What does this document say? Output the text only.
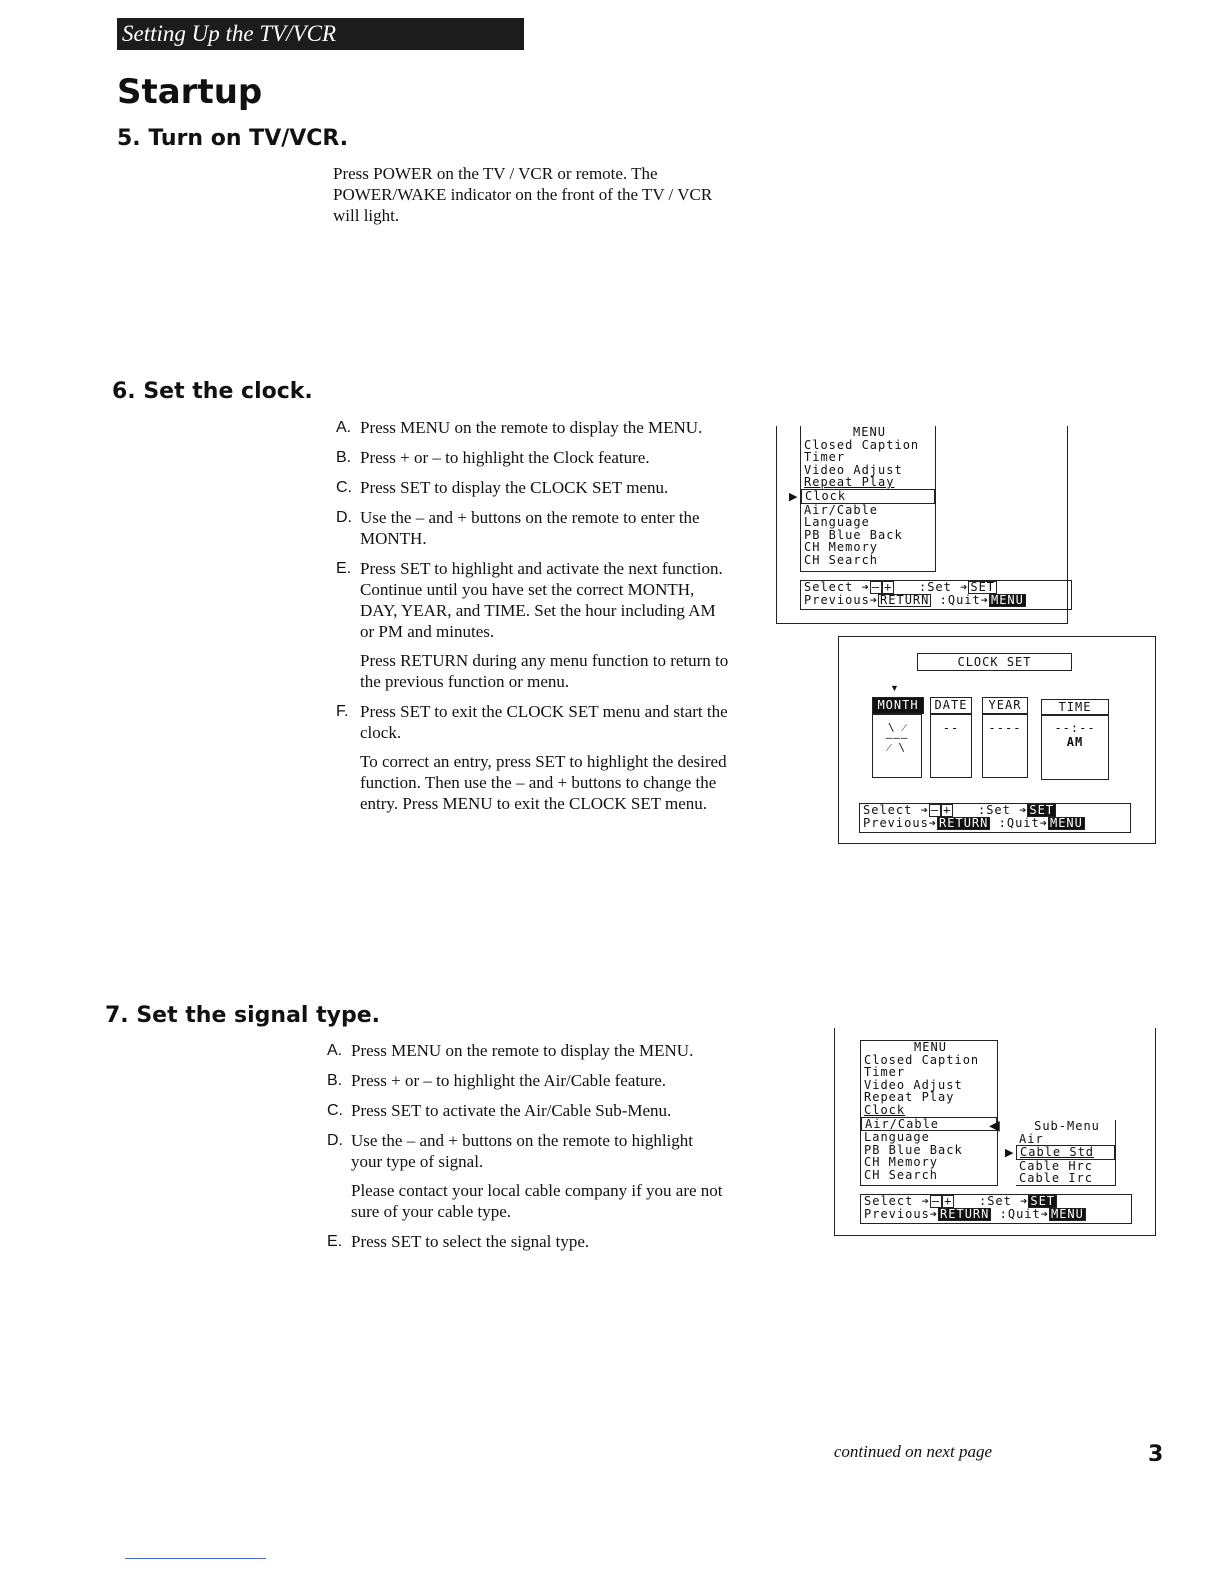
Setting Up the TV/VCR
Startup
5. Turn on TV/VCR.
Press POWER on the TV / VCR or remote. The POWER/WAKE indicator on the front of the TV / VCR will light.
6. Set the clock.
A. Press MENU on the remote to display the MENU.
B. Press + or – to highlight the Clock feature.
C. Press SET to display the CLOCK SET menu.
D. Use the – and + buttons on the remote to enter the MONTH.
E. Press SET to highlight and activate the next function. Continue until you have set the correct MONTH, DAY, YEAR, and TIME. Set the hour including AM or PM and minutes.

Press RETURN during any menu function to return to the previous function or menu.

F. Press SET to exit the CLOCK SET menu and start the clock.

To correct an entry, press SET to highlight the desired function. Then use the – and + buttons to change the entry. Press MENU to exit the CLOCK SET menu.

MENU
Closed Caption
Timer
Video Adjust
Repeat Play
Clock
Air/Cable
Language
PB Blue Back
CH Memory
CH Search
▶
Select ➔ – + :Set ➔ SET
Previous➔ RETURN :Quit➔ MENU
CLOCK SET
▼
MONTH	DATE	YEAR	TIME
\ ⁄
–––
⁄ \
--	----	--:--
AM
Select ➔ – + :Set ➔ SET
Previous➔ RETURN :Quit➔ MENU
7. Set the signal type.
A. Press MENU on the remote to display the MENU.
B. Press + or – to highlight the Air/Cable feature.
C. Press SET to activate the Air/Cable Sub-Menu.
D. Use the – and + buttons on the remote to highlight your type of signal.

Please contact your local cable company if you are not sure of your cable type.

E. Press SET to select the signal type.
MENU
Closed Caption
Timer
Video Adjust
Repeat Play
Clock
Air/Cable
Language
PB Blue Back
CH Memory
CH Search
◀	Sub-Menu
Air
Cable Std
Cable Hrc
Cable Irc
▶
Select ➔ – + :Set ➔ SET
Previous➔ RETURN :Quit➔ MENU
continued on next page	3
